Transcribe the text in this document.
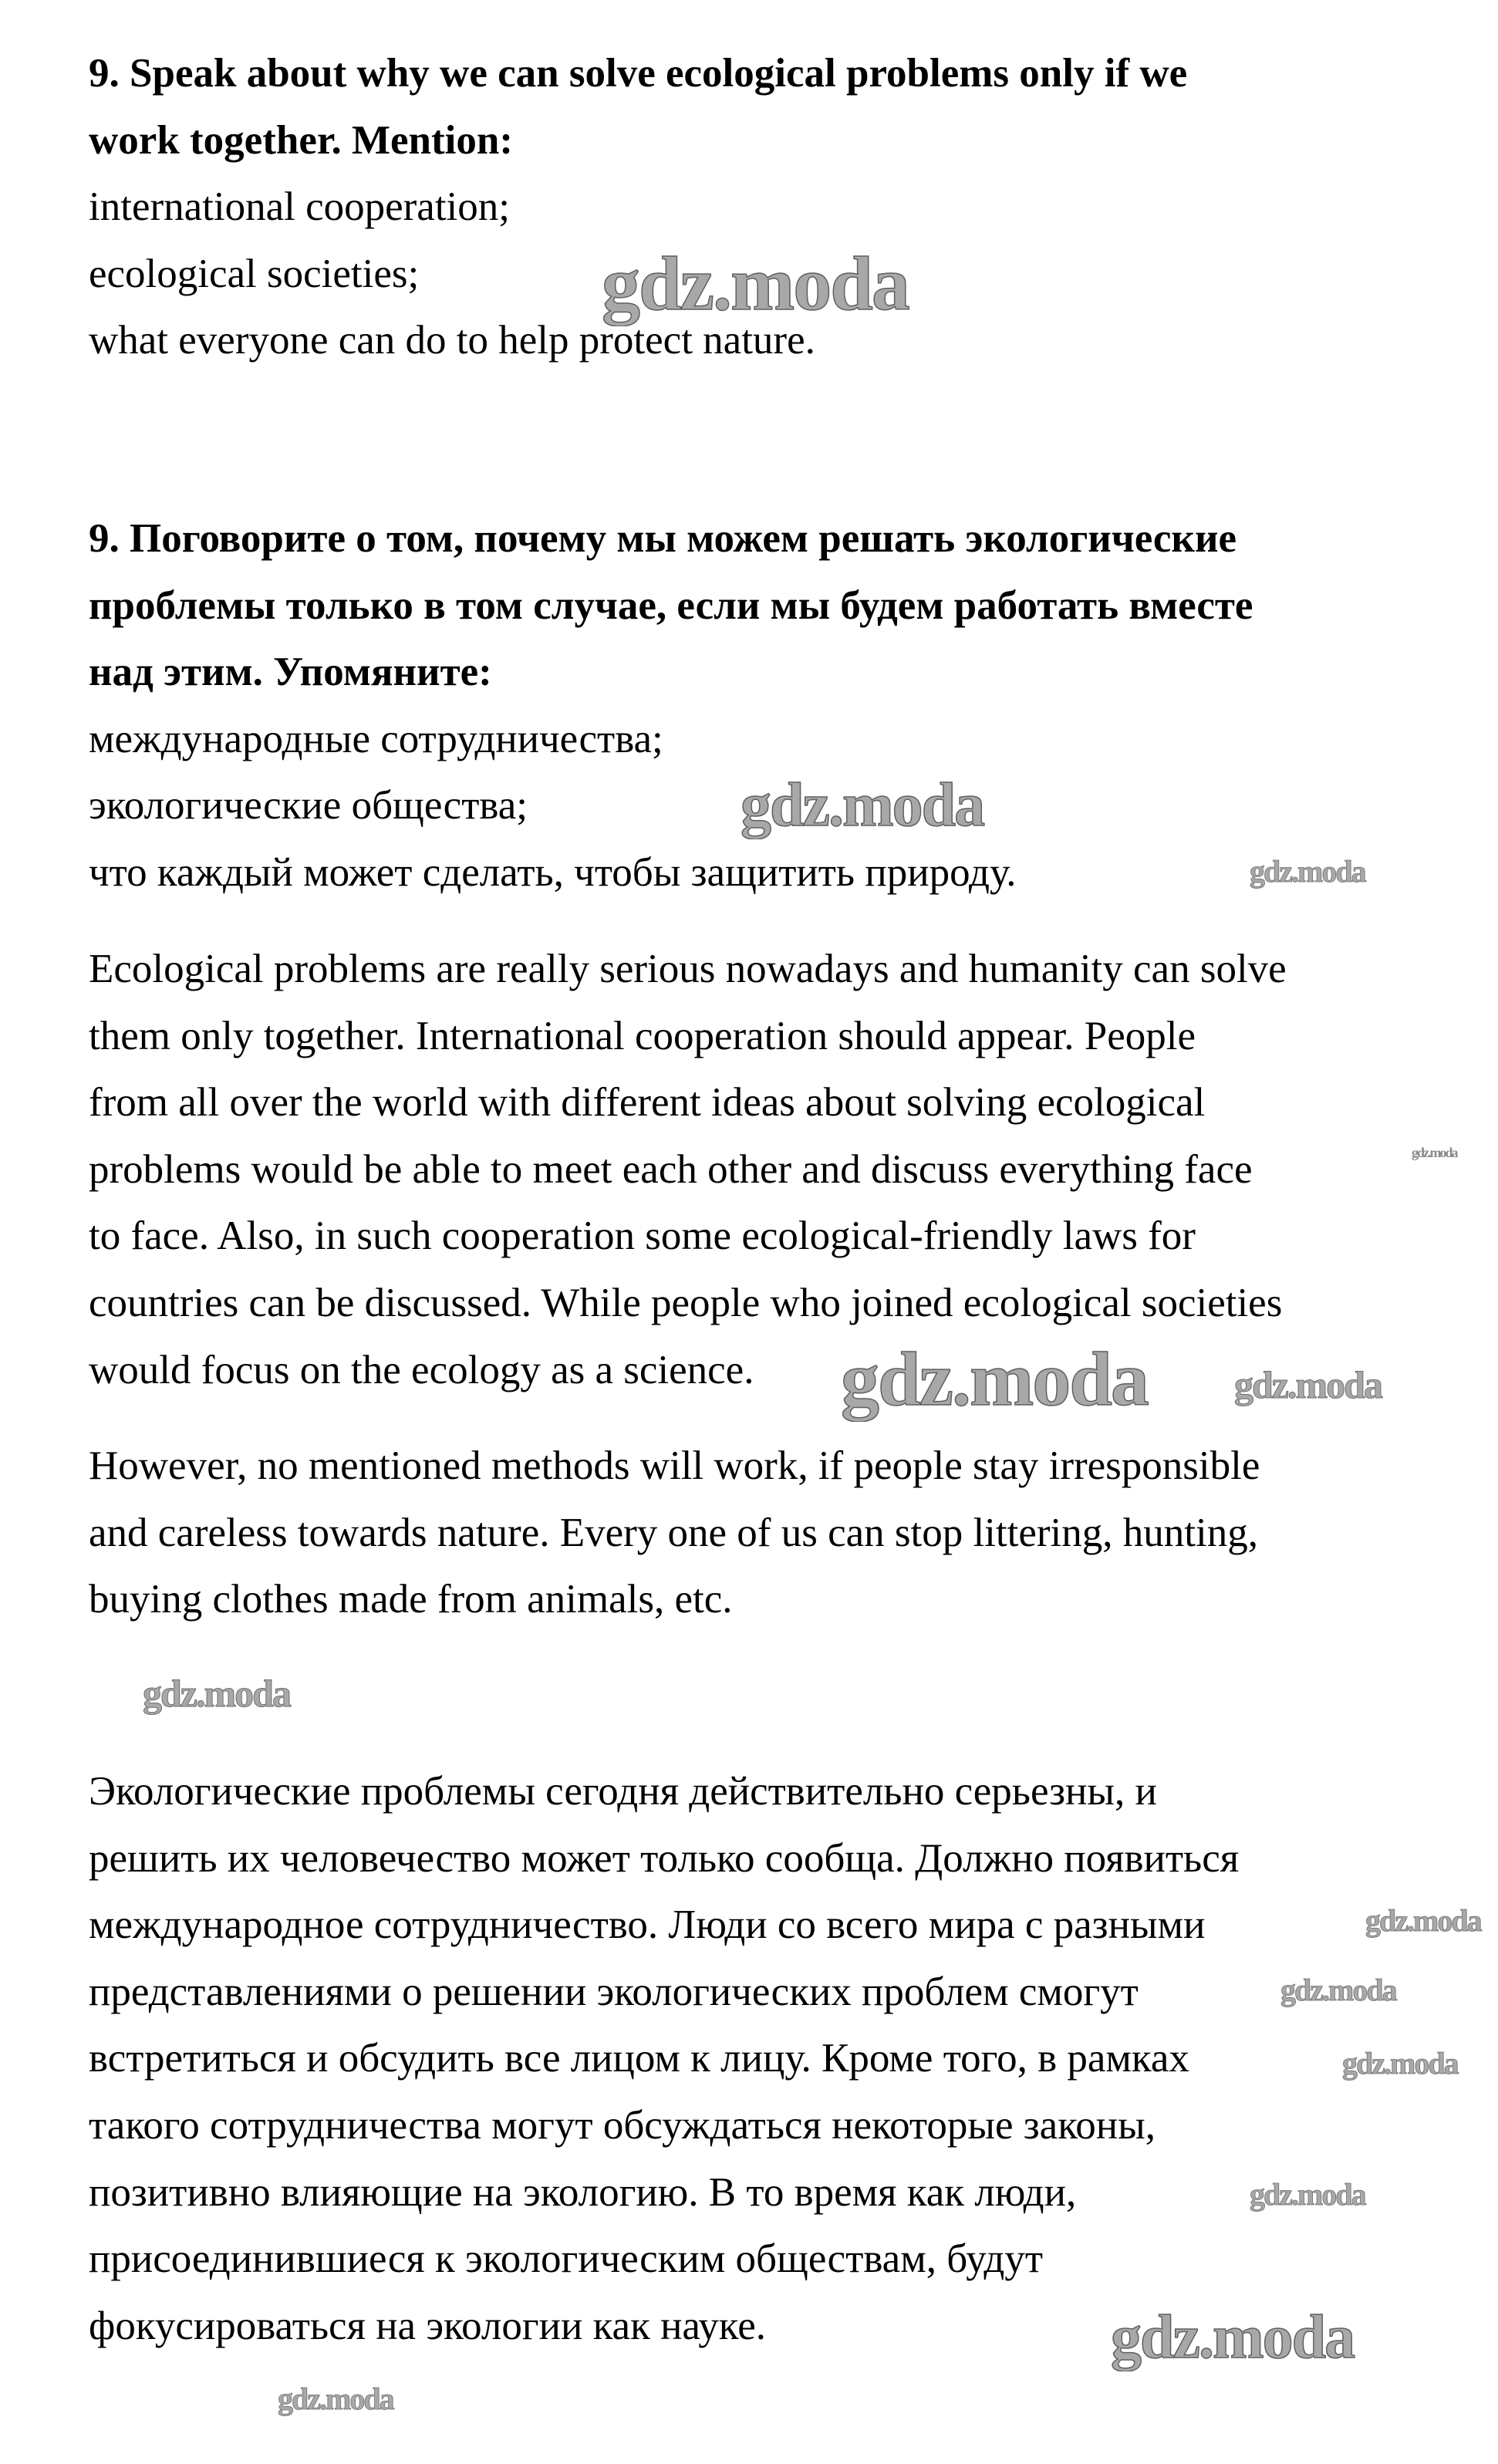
9. Speak about why we can solve ecological problems only if we
work together. Mention:
international cooperation;
ecological societies;
what everyone can do to help protect nature.
9. Поговорите о том, почему мы можем решать экологические
проблемы только в том случае, если мы будем работать вместе
над этим. Упомяните:
международные сотрудничества;
экологические общества;
что каждый может сделать, чтобы защитить природу.
Ecological problems are really serious nowadays and humanity can solve
them only together. International cooperation should appear. People
from all over the world with different ideas about solving ecological
problems would be able to meet each other and discuss everything face
to face. Also, in such cooperation some ecological-friendly laws for
countries can be discussed. While people who joined ecological societies
would focus on the ecology as a science.
However, no mentioned methods will work, if people stay irresponsible
and careless towards nature. Every one of us can stop littering, hunting,
buying clothes made from animals, etc.
Экологические проблемы сегодня действительно серьезны, и
решить их человечество может только сообща. Должно появиться
международное сотрудничество. Люди со всего мира с разными
представлениями о решении экологических проблем смогут
встретиться и обсудить все лицом к лицу. Кроме того, в рамках
такого сотрудничества могут обсуждаться некоторые законы,
позитивно влияющие на экологию. В то время как люди,
присоединившиеся к экологическим обществам, будут
фокусироваться на экологии как науке.
gdz.moda
gdz.moda
gdz.moda
gdz.moda
gdz.moda gdz.moda
gdz.moda
gdz.moda
gdz.moda
gdz.moda
gdz.moda
gdz.moda
gdz.moda
